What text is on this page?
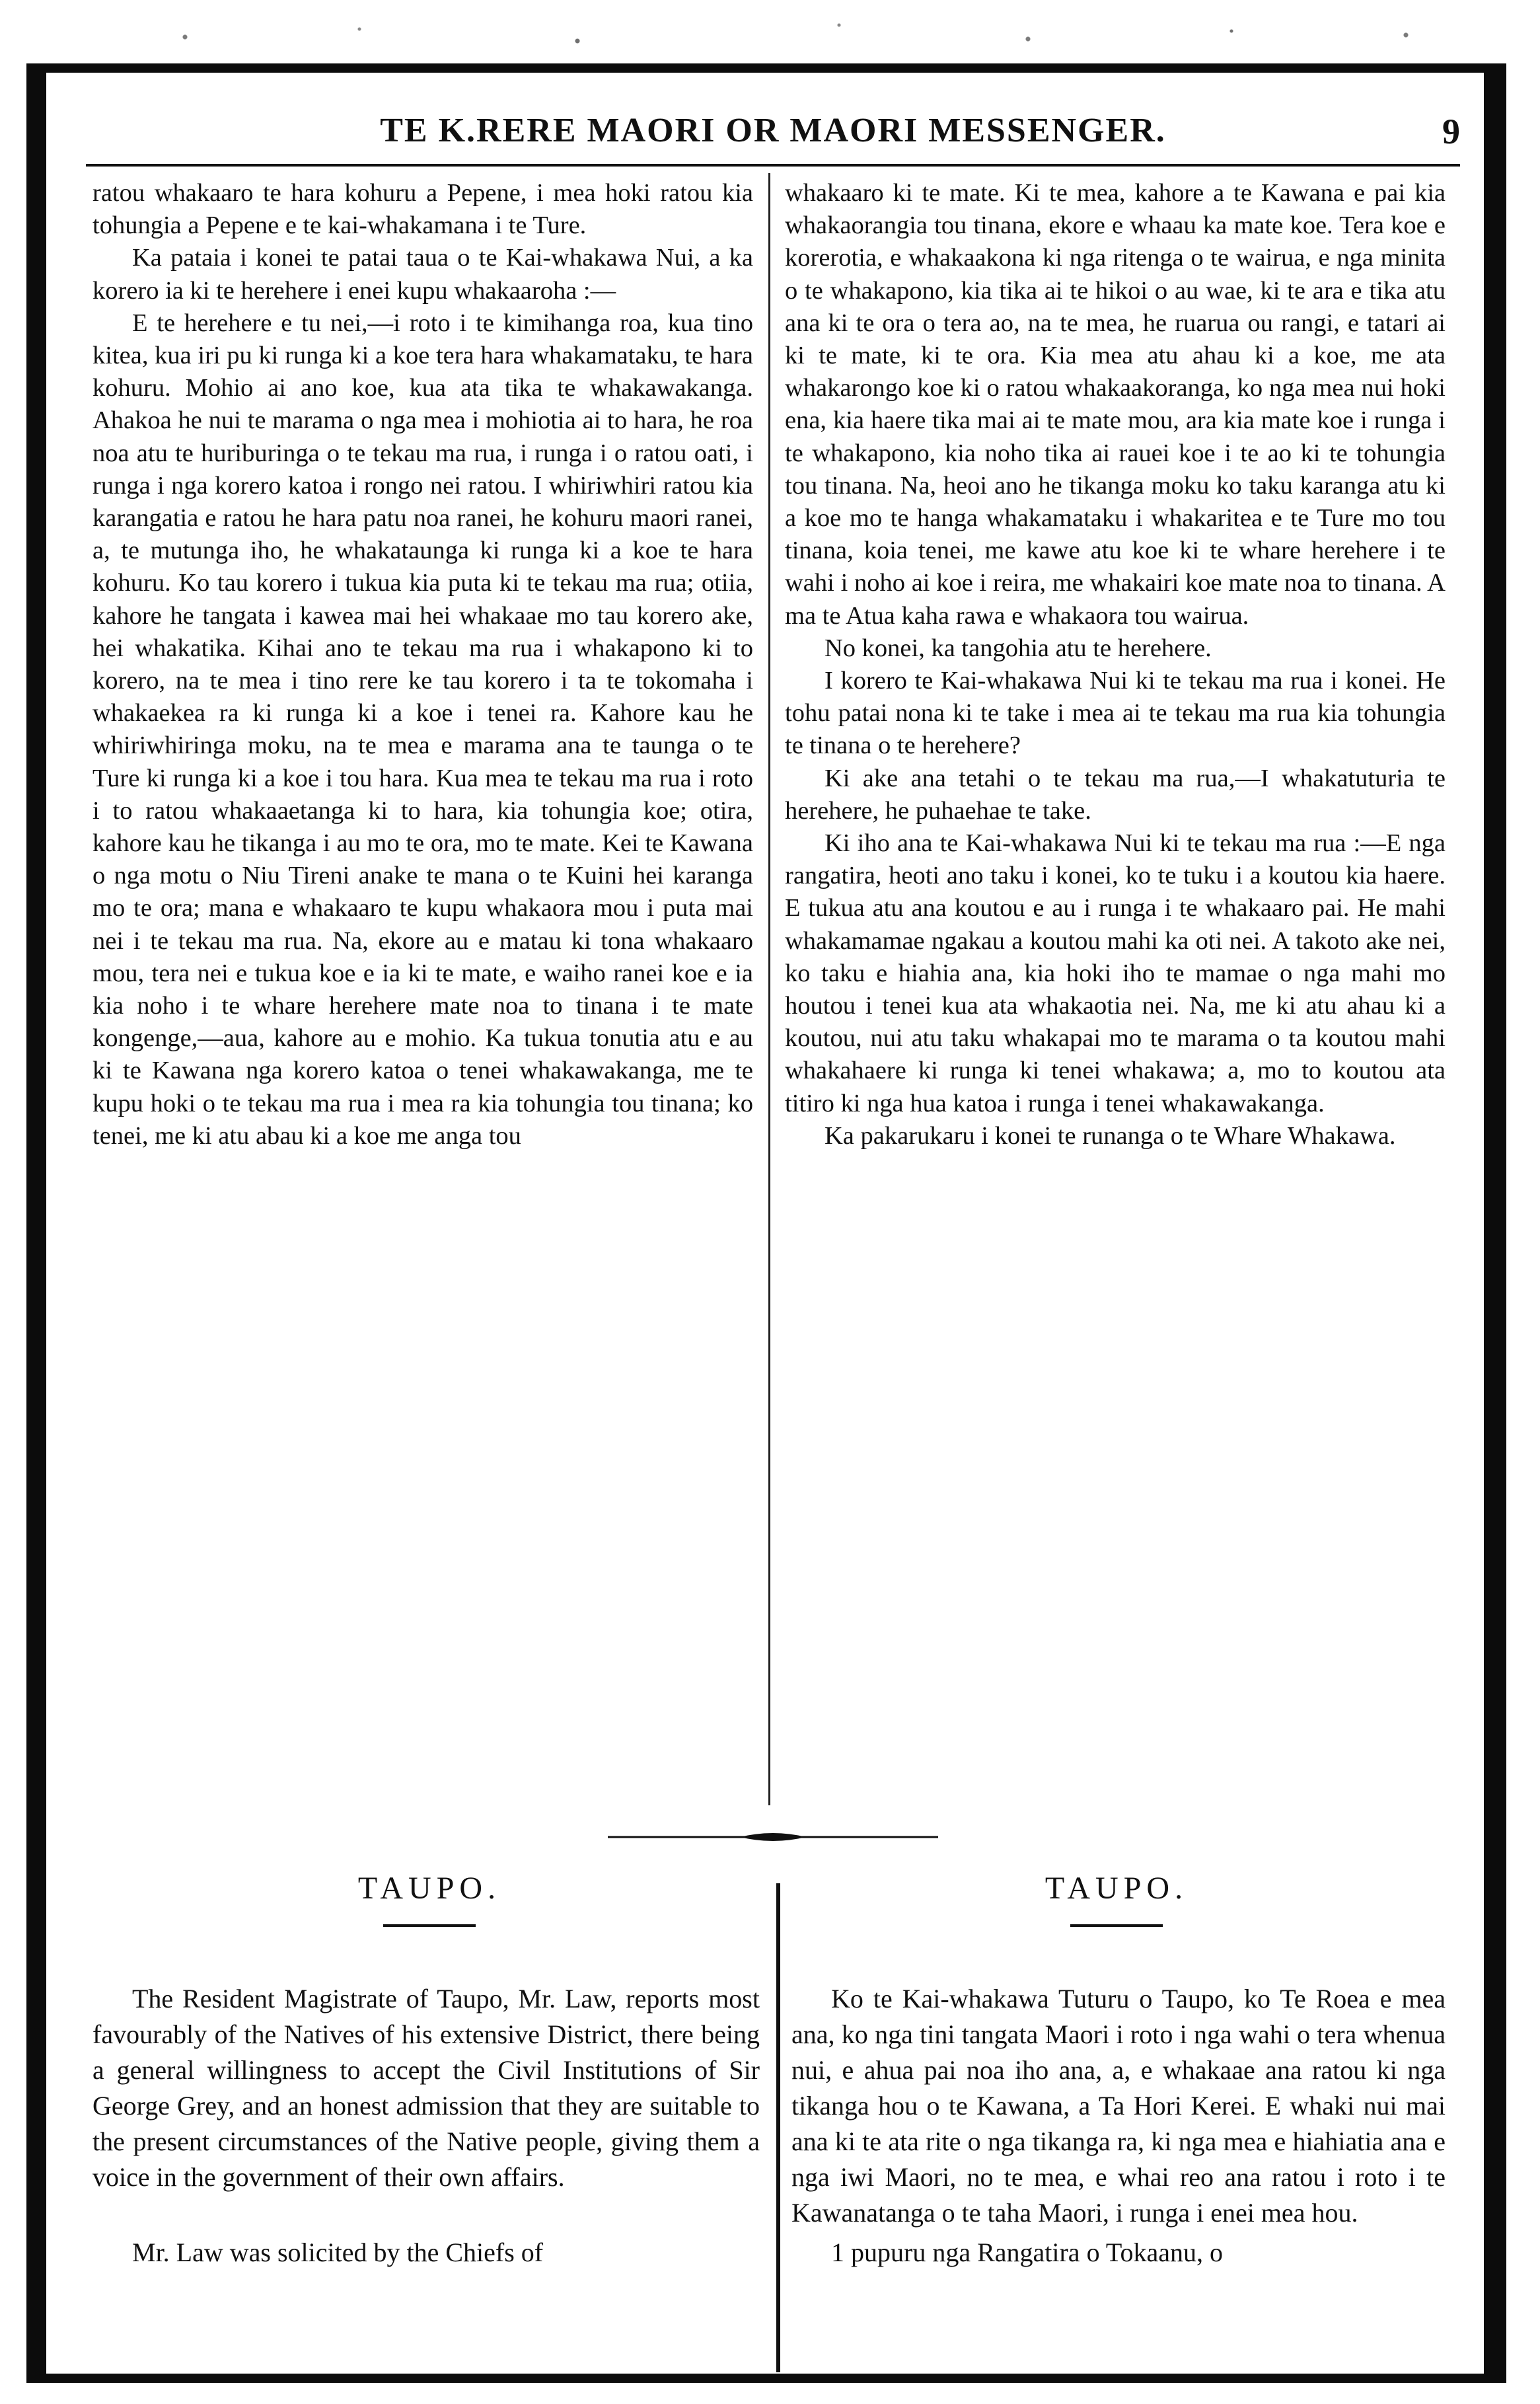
TE K.RERE MAORI OR MAORI MESSENGER.	9

ratou whakaaro te hara kohuru a Pepene, i mea hoki ratou kia tohungia a Pepene e te kai-whakamana i te Ture.

Ka pataia i konei te patai taua o te Kai-whakawa Nui, a ka korero ia ki te herehere i enei kupu whakaaroha :—

E te herehere e tu nei,—i roto i te kimihanga roa, kua tino kitea, kua iri pu ki runga ki a koe tera hara whakamataku, te hara kohuru. Mohio ai ano koe, kua ata tika te whakawakanga. Ahakoa he nui te marama o nga mea i mohiotia ai to hara, he roa noa atu te huriburinga o te tekau ma rua, i runga i o ratou oati, i runga i nga korero katoa i rongo nei ratou. I whiriwhiri ratou kia karangatia e ratou he hara patu noa ranei, he kohuru maori ranei, a, te mutunga iho, he whakataunga ki runga ki a koe te hara kohuru. Ko tau korero i tukua kia puta ki te tekau ma rua; otiia, kahore he tangata i kawea mai hei whakaae mo tau korero ake, hei whakatika. Kihai ano te tekau ma rua i whakapono ki to korero, na te mea i tino rere ke tau korero i ta te tokomaha i whakaekea ra ki runga ki a koe i tenei ra. Kahore kau he whiriwhiringa moku, na te mea e marama ana te taunga o te Ture ki runga ki a koe i tou hara. Kua mea te tekau ma rua i roto i to ratou whakaaetanga ki to hara, kia tohungia koe; otira, kahore kau he tikanga i au mo te ora, mo te mate. Kei te Kawana o nga motu o Niu Tireni anake te mana o te Kuini hei karanga mo te ora; mana e whakaaro te kupu whakaora mou i puta mai nei i te tekau ma rua. Na, ekore au e matau ki tona whakaaro mou, tera nei e tukua koe e ia ki te mate, e waiho ranei koe e ia kia noho i te whare herehere mate noa to tinana i te mate kongenge,—aua, kahore au e mohio. Ka tukua tonutia atu e au ki te Kawana nga korero katoa o tenei whakawakanga, me te kupu hoki o te tekau ma rua i mea ra kia tohungia tou tinana; ko tenei, me ki atu abau ki a koe me anga tou

whakaaro ki te mate. Ki te mea, kahore a te Kawana e pai kia whakaorangia tou tinana, ekore e whaau ka mate koe. Tera koe e korerotia, e whakaakona ki nga ritenga o te wairua, e nga minita o te whakapono, kia tika ai te hikoi o au wae, ki te ara e tika atu ana ki te ora o tera ao, na te mea, he ruarua ou rangi, e tatari ai ki te mate, ki te ora. Kia mea atu ahau ki a koe, me ata whakarongo koe ki o ratou whakaakoranga, ko nga mea nui hoki ena, kia haere tika mai ai te mate mou, ara kia mate koe i runga i te whakapono, kia noho tika ai rauei koe i te ao ki te tohungia tou tinana. Na, heoi ano he tikanga moku ko taku karanga atu ki a koe mo te hanga whakamataku i whakaritea e te Ture mo tou tinana, koia tenei, me kawe atu koe ki te whare herehere i te wahi i noho ai koe i reira, me whakairi koe mate noa to tinana. A ma te Atua kaha rawa e whakaora tou wairua.

No konei, ka tangohia atu te herehere.

I korero te Kai-whakawa Nui ki te tekau ma rua i konei. He tohu patai nona ki te take i mea ai te tekau ma rua kia tohungia te tinana o te herehere?

Ki ake ana tetahi o te tekau ma rua,—I whakatuturia te herehere, he puhaehae te take.

Ki iho ana te Kai-whakawa Nui ki te tekau ma rua :—E nga rangatira, heoti ano taku i konei, ko te tuku i a koutou kia haere. E tukua atu ana koutou e au i runga i te whakaaro pai. He mahi whakamamae ngakau a koutou mahi ka oti nei. A takoto ake nei, ko taku e hiahia ana, kia hoki iho te mamae o nga mahi mo houtou i tenei kua ata whakaotia nei. Na, me ki atu ahau ki a koutou, nui atu taku whakapai mo te marama o ta koutou mahi whakahaere ki runga ki tenei whakawa; a, mo to koutou ata titiro ki nga hua katoa i runga i tenei whakawakanga.

Ka pakarukaru i konei te runanga o te Whare Whakawa.

TAUPO.	TAUPO.

The Resident Magistrate of Taupo, Mr. Law, reports most favourably of the Natives of his extensive District, there being a general willingness to accept the Civil Institutions of Sir George Grey, and an honest admission that they are suitable to the present circumstances of the Native people, giving them a voice in the government of their own affairs.

Mr. Law was solicited by the Chiefs of

Ko te Kai-whakawa Tuturu o Taupo, ko Te Roea e mea ana, ko nga tini tangata Maori i roto i nga wahi o tera whenua nui, e ahua pai noa iho ana, a, e whakaae ana ratou ki nga tikanga hou o te Kawana, a Ta Hori Kerei. E whaki nui mai ana ki te ata rite o nga tikanga ra, ki nga mea e hiahiatia ana e nga iwi Maori, no te mea, e whai reo ana ratou i roto i te Kawanatanga o te taha Maori, i runga i enei mea hou.

1 pupuru nga Rangatira o Tokaanu, o
